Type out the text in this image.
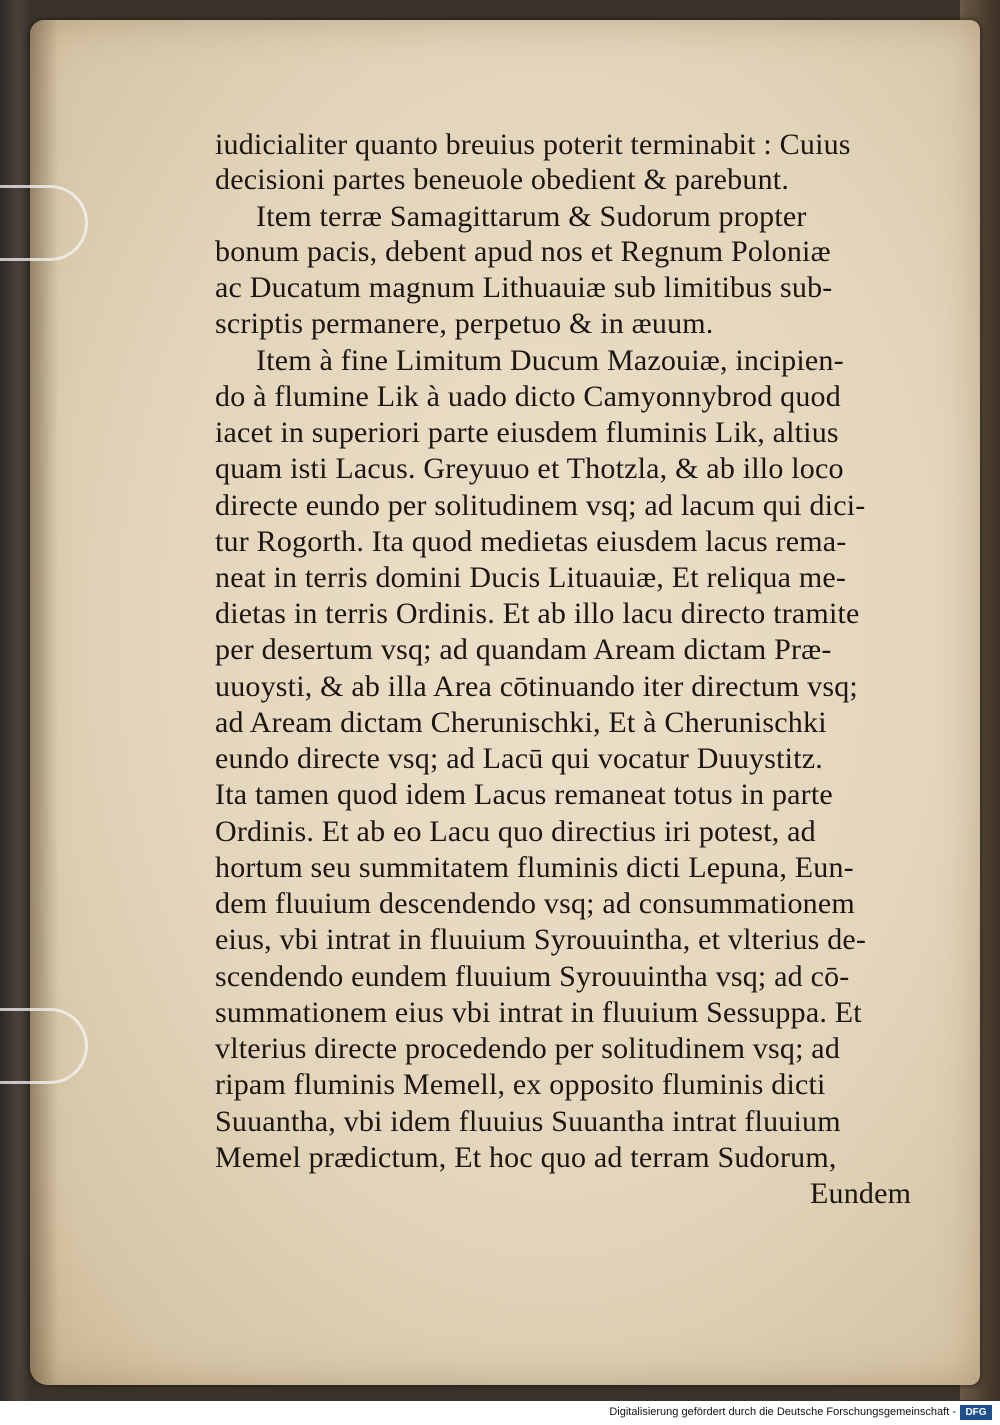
iudicialiter quanto breuius poterit terminabit : Cuius
decisioni partes beneuole obedient & parebunt.
Item terræ Samagittarum & Sudorum propter
bonum pacis, debent apud nos et Regnum Poloniæ
ac Ducatum magnum Lithuauiæ sub limitibus sub-
scriptis permanere, perpetuo & in æuum.
Item à fine Limitum Ducum Mazouiæ, incipien-
do à flumine Lik à uado dicto Camyonnybrod quod
iacet in superiori parte eiusdem fluminis Lik, altius
quam isti Lacus. Greyuuo et Thotzla, & ab illo loco
directe eundo per solitudinem vsq; ad lacum qui dici-
tur Rogorth. Ita quod medietas eiusdem lacus rema-
neat in terris domini Ducis Lituauiæ, Et reliqua me-
dietas in terris Ordinis. Et ab illo lacu directo tramite
per desertum vsq; ad quandam Aream dictam Præ-
uuoysti, & ab illa Area cōtinuando iter directum vsq;
ad Aream dictam Cherunischki, Et à Cherunischki
eundo directe vsq; ad Lacū qui vocatur Duuystitz.
Ita tamen quod idem Lacus remaneat totus in parte
Ordinis. Et ab eo Lacu quo directius iri potest, ad
hortum seu summitatem fluminis dicti Lepuna, Eun-
dem fluuium descendendo vsq; ad consummationem
eius, vbi intrat in fluuium Syrouuintha, et vlterius de-
scendendo eundem fluuium Syrouuintha vsq; ad cō-
summationem eius vbi intrat in fluuium Sessuppa. Et
vlterius directe procedendo per solitudinem vsq; ad
ripam fluminis Memell, ex opposito fluminis dicti
Suuantha, vbi idem fluuius Suuantha intrat fluuium
Memel prædictum, Et hoc quo ad terram Sudorum,
Eundem
Digitalisierung gefördert durch die Deutsche Forschungsgemeinschaft - DFG
